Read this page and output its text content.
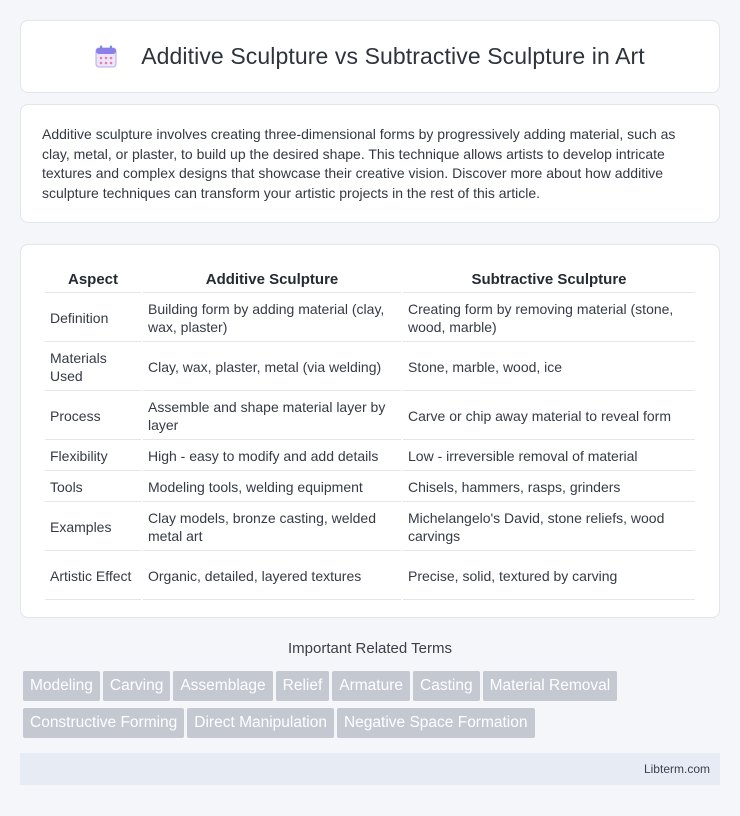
Additive Sculpture vs Subtractive Sculpture in Art

Additive sculpture involves creating three-dimensional forms by progressively adding material, such as clay, metal, or plaster, to build up the desired shape. This technique allows artists to develop intricate textures and complex designs that showcase their creative vision. Discover more about how additive sculpture techniques can transform your artistic projects in the rest of this article.

Aspect	Additive Sculpture	Subtractive Sculpture
Definition	Building form by adding material (clay, wax, plaster)	Creating form by removing material (stone, wood, marble)
Materials Used	Clay, wax, plaster, metal (via welding)	Stone, marble, wood, ice
Process	Assemble and shape material layer by layer	Carve or chip away material to reveal form
Flexibility	High - easy to modify and add details	Low - irreversible removal of material
Tools	Modeling tools, welding equipment	Chisels, hammers, rasps, grinders
Examples	Clay models, bronze casting, welded metal art	Michelangelo's David, stone reliefs, wood carvings
Artistic Effect	Organic, detailed, layered textures	Precise, solid, textured by carving
Important Related Terms
Modeling Carving Assemblage Relief Armature Casting Material Removal
Constructive Forming Direct Manipulation Negative Space Formation
Libterm.com
